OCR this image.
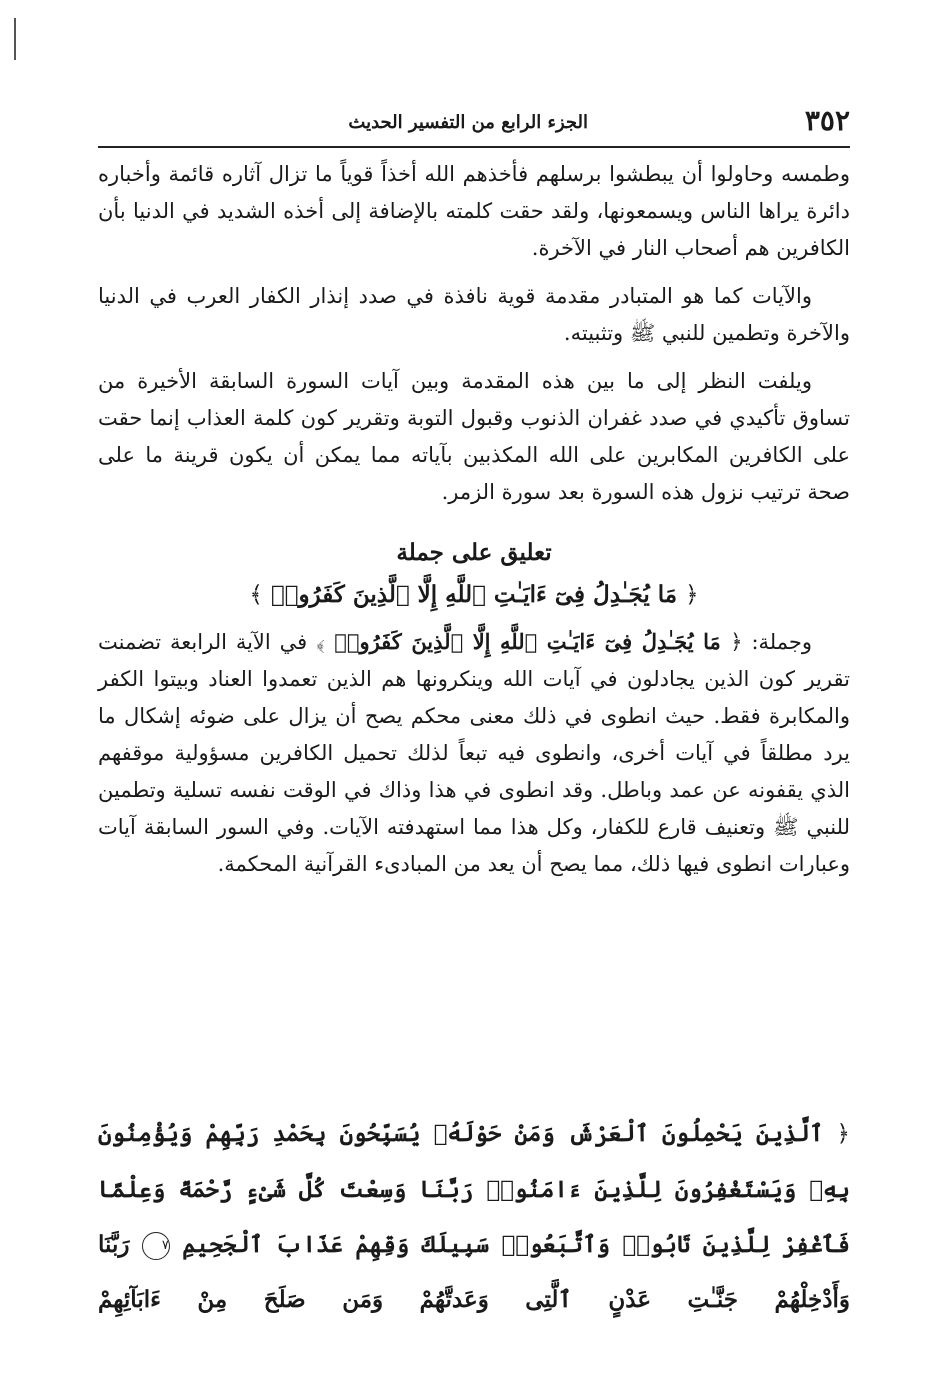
٣٥٢
الجزء الرابع من التفسير الحديث

وطمسه وحاولوا أن يبطشوا برسلهم فأخذهم الله أخذاً قوياً ما تزال آثاره قائمة وأخباره دائرة يراها الناس ويسمعونها، ولقد حقت كلمته بالإضافة إلى أخذه الشديد في الدنيا بأن الكافرين هم أصحاب النار في الآخرة.

والآيات كما هو المتبادر مقدمة قوية نافذة في صدد إنذار الكفار العرب في الدنيا والآخرة وتطمين للنبي ﷺ وتثبيته.

ويلفت النظر إلى ما بين هذه المقدمة وبين آيات السورة السابقة الأخيرة من تساوق تأكيدي في صدد غفران الذنوب وقبول التوبة وتقرير كون كلمة العذاب إنما حقت على الكافرين المكابرين على الله المكذبين بآياته مما يمكن أن يكون قرينة ما على صحة ترتيب نزول هذه السورة بعد سورة الزمر.

تعليق على جملة
﴿ مَا يُجَـٰدِلُ فِىٓ ءَايَـٰتِ ٱللَّهِ إِلَّا ٱلَّذِينَ كَفَرُوا۟ ﴾

وجملة: ﴿ مَا يُجَـٰدِلُ فِىٓ ءَايَـٰتِ ٱللَّهِ إِلَّا ٱلَّذِينَ كَفَرُوا۟ ﴾ في الآية الرابعة تضمنت تقرير كون الذين يجادلون في آيات الله وينكرونها هم الذين تعمدوا العناد وبيتوا الكفر والمكابرة فقط. حيث انطوى في ذلك معنى محكم يصح أن يزال على ضوئه إشكال ما يرد مطلقاً في آيات أخرى، وانطوى فيه تبعاً لذلك تحميل الكافرين مسؤولية موقفهم الذي يقفونه عن عمد وباطل. وقد انطوى في هذا وذاك في الوقت نفسه تسلية وتطمين للنبي ﷺ وتعنيف قارع للكفار، وكل هذا مما استهدفته الآيات. وفي السور السابقة آيات وعبارات انطوى فيها ذلك، مما يصح أن يعد من المبادىء القرآنية المحكمة.

﴿ ٱلَّذِينَ يَحْمِلُونَ ٱلْعَرْشَ وَمَنْ حَوْلَهُۥ يُسَبِّحُونَ بِحَمْدِ رَبِّهِمْ وَيُؤْمِنُونَ بِهِۦ وَيَسْتَغْفِرُونَ لِلَّذِينَ ءَامَنُوا۟ رَبَّنَا وَسِعْتَ كُلَّ شَىْءٍ رَّحْمَةً وَعِلْمًا فَٱغْفِرْ لِلَّذِينَ تَابُوا۟ وَٱتَّبَعُوا۟ سَبِيلَكَ وَقِهِمْ عَذَابَ ٱلْجَحِيمِ ٧ رَبَّنَا وَأَدْخِلْهُمْ جَنَّـٰتِ عَدْنٍ ٱلَّتِى وَعَدتَّهُمْ وَمَن صَلَحَ مِنْ ءَابَآئِهِمْ
